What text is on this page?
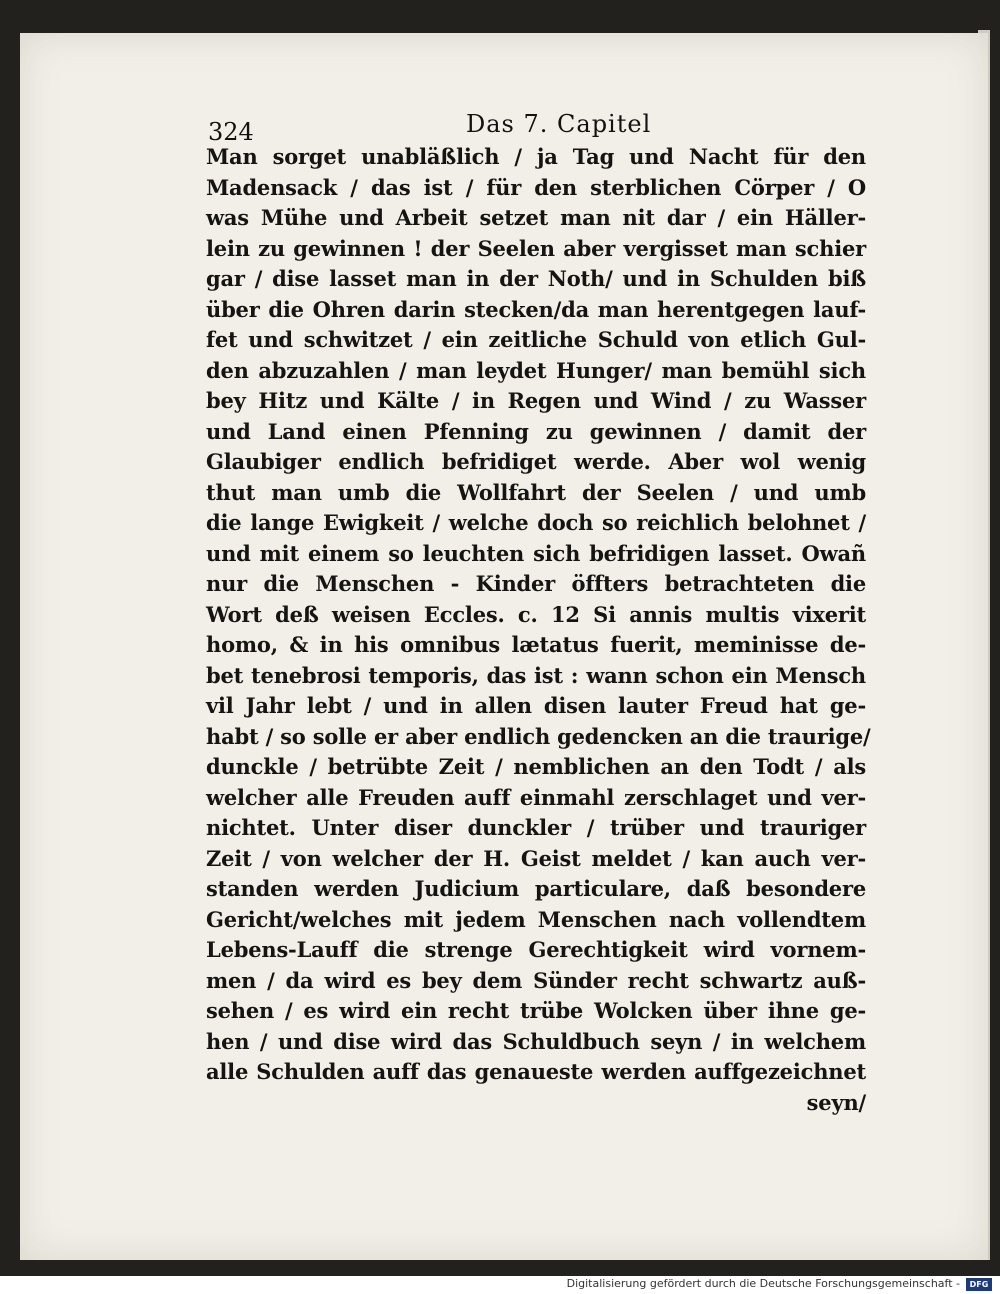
324	Das 7. Capitel
Man sorget unabläßlich / ja Tag und Nacht für den
Madensack / das ist / für den sterblichen Cörper / O
was Mühe und Arbeit setzet man nit dar / ein Häller-
lein zu gewinnen ! der Seelen aber vergisset man schier
gar / dise lasset man in der Noth/ und in Schulden biß
über die Ohren darin stecken/da man herentgegen lauf-
fet und schwitzet / ein zeitliche Schuld von etlich Gul-
den abzuzahlen / man leydet Hunger/ man bemühl sich
bey Hitz und Kälte / in Regen und Wind / zu Wasser
und Land einen Pfenning zu gewinnen / damit der
Glaubiger endlich befridiget werde. Aber wol wenig
thut man umb die Wollfahrt der Seelen / und umb
die lange Ewigkeit / welche doch so reichlich belohnet /
und mit einem so leuchten sich befridigen lasset. Owañ
nur die Menschen - Kinder öffters betrachteten die
Wort deß weisen Eccles. c. 12 Si annis multis vixerit
homo, & in his omnibus lætatus fuerit, meminisse de-
bet tenebrosi temporis, das ist : wann schon ein Mensch
vil Jahr lebt / und in allen disen lauter Freud hat ge-
habt / so solle er aber endlich gedencken an die traurige/
dunckle / betrübte Zeit / nemblichen an den Todt / als
welcher alle Freuden auff einmahl zerschlaget und ver-
nichtet. Unter diser dunckler / trüber und trauriger
Zeit / von welcher der H. Geist meldet / kan auch ver-
standen werden Judicium particulare, daß besondere
Gericht/welches mit jedem Menschen nach vollendtem
Lebens-Lauff die strenge Gerechtigkeit wird vornem-
men / da wird es bey dem Sünder recht schwartz auß-
sehen / es wird ein recht trübe Wolcken über ihne ge-
hen / und dise wird das Schuldbuch seyn / in welchem
alle Schulden auff das genaueste werden auffgezeichnet
seyn/
Digitalisierung gefördert durch die Deutsche Forschungsgemeinschaft -	DFG
